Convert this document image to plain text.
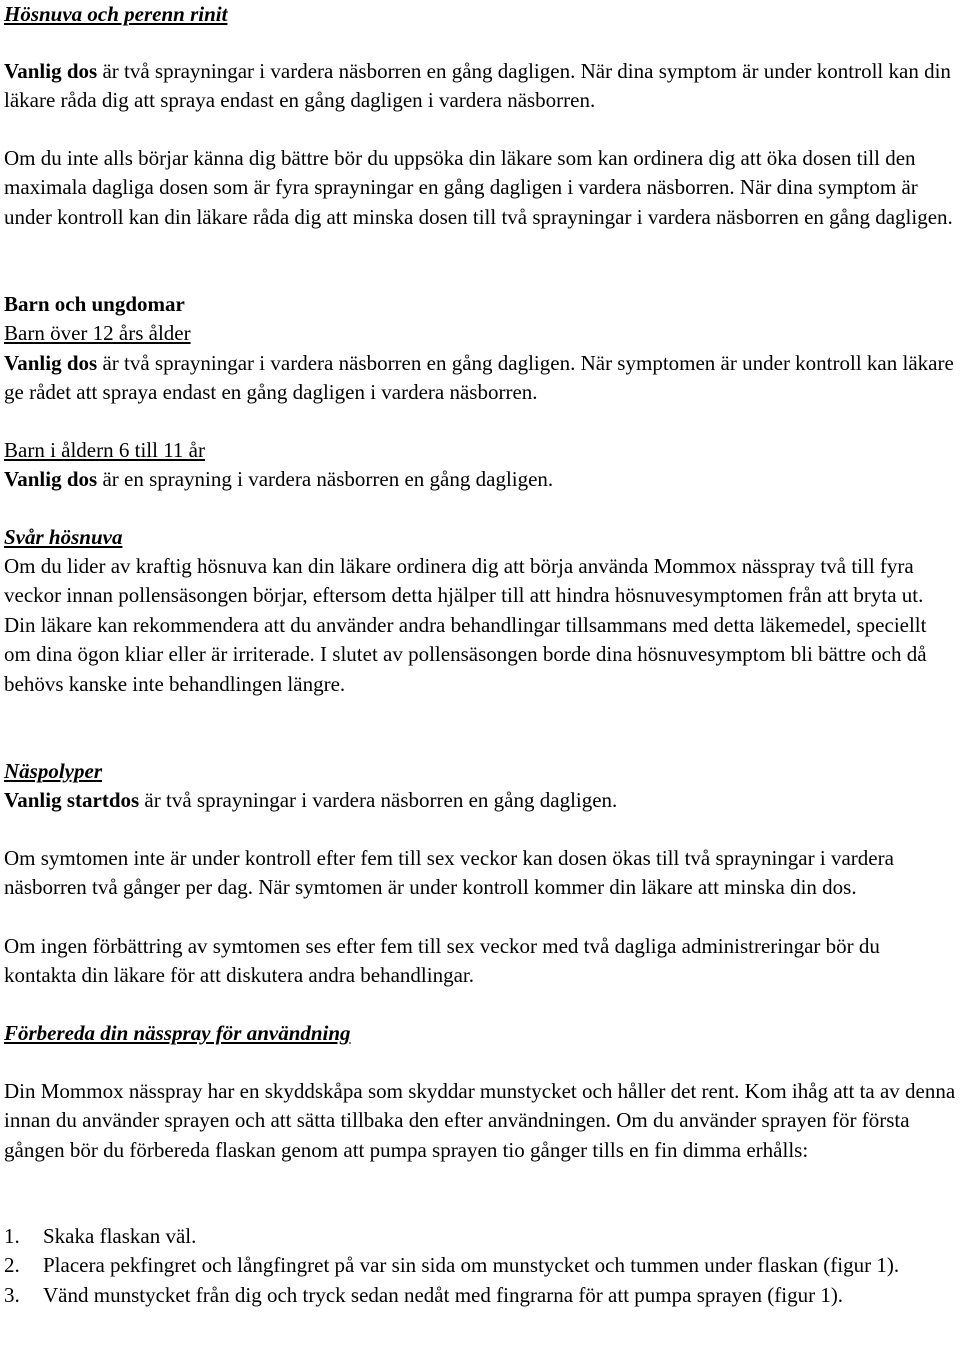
Hösnuva och perenn rinit

Vanlig dos är två sprayningar i vardera näsborren en gång dagligen. När dina symptom är under kontroll kan din läkare råda dig att spraya endast en gång dagligen i vardera näsborren.

Om du inte alls börjar känna dig bättre bör du uppsöka din läkare som kan ordinera dig att öka dosen till den maximala dagliga dosen som är fyra sprayningar en gång dagligen i vardera näsborren. När dina symptom är under kontroll kan din läkare råda dig att minska dosen till två sprayningar i vardera näsborren en gång dagligen.

Barn och ungdomar

Barn över 12 års ålder

Vanlig dos är två sprayningar i vardera näsborren en gång dagligen. När symptomen är under kontroll kan läkare ge rådet att spraya endast en gång dagligen i vardera näsborren.

Barn i åldern 6 till 11 år

Vanlig dos är en sprayning i vardera näsborren en gång dagligen.

Svår hösnuva

Om du lider av kraftig hösnuva kan din läkare ordinera dig att börja använda Mommox nässpray två till fyra veckor innan pollensäsongen börjar, eftersom detta hjälper till att hindra hösnuvesymptomen från att bryta ut. Din läkare kan rekommendera att du använder andra behandlingar tillsammans med detta läkemedel, speciellt om dina ögon kliar eller är irriterade. I slutet av pollensäsongen borde dina hösnuvesymptom bli bättre och då behövs kanske inte behandlingen längre.

Näspolyper

Vanlig startdos är två sprayningar i vardera näsborren en gång dagligen.

Om symtomen inte är under kontroll efter fem till sex veckor kan dosen ökas till två sprayningar i vardera näsborren två gånger per dag. När symtomen är under kontroll kommer din läkare att minska din dos.

Om ingen förbättring av symtomen ses efter fem till sex veckor med två dagliga administreringar bör du kontakta din läkare för att diskutera andra behandlingar.

Förbereda din nässpray för användning

Din Mommox nässpray har en skyddskåpa som skyddar munstycket och håller det rent. Kom ihåg att ta av denna innan du använder sprayen och att sätta tillbaka den efter användningen. Om du använder sprayen för första gången bör du förbereda flaskan genom att pumpa sprayen tio gånger tills en fin dimma erhålls:

1.	Skaka flaskan väl.
2.	Placera pekfingret och långfingret på var sin sida om munstycket och tummen under flaskan (figur 1).
3.	Vänd munstycket från dig och tryck sedan nedåt med fingrarna för att pumpa sprayen (figur 1).
